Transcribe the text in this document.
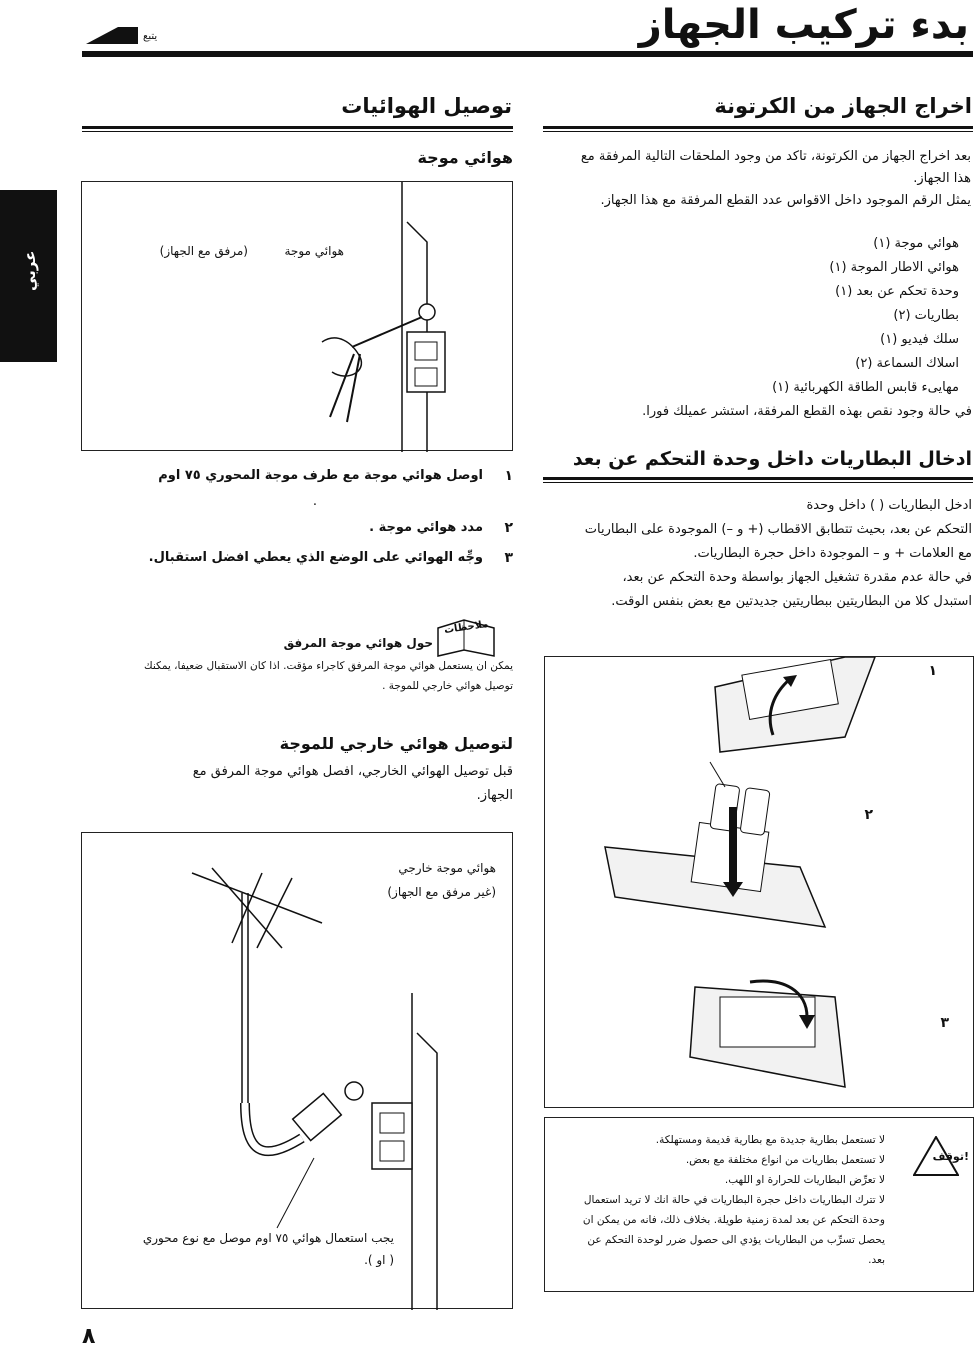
بدء تركيب الجهاز
يتبع
عربي
اخراج الجهاز من الكرتونة
بعد اخراج الجهاز من الكرتونة، تاكد من وجود الملحقات التالية المرفقة مع
هذا الجهاز.
يمثل الرقم الموجود داخل الاقواس عدد القطع المرفقة مع هذا الجهاز.
هوائي موجة (١)
هوائي الاطار الموجة (١)
وحدة تحكم عن بعد (١)
بطاريات (٢)
سلك فيديو (١)
اسلاك السماعة (٢)
مهايىء قابس الطاقة الكهربائية (١)
في حالة وجود نقص بهذه القطع المرفقة، استشر عميلك فورا.
ادخال البطاريات داخل وحدة التحكم عن بعد
ادخل البطاريات ( ) داخل وحدة
التحكم عن بعد، بحيث تتطابق الاقطاب (+ و –) الموجودة على البطاريات
مع العلامات + و – الموجودة داخل حجرة البطاريات.
في حالة عدم مقدرة تشغيل الجهاز بواسطة وحدة التحكم عن بعد،
استبدل كلا من البطاريتين ببطاريتين جديدتين مع بعض بنفس الوقت.
١
٢
٣
توقف!
لا تستعمل بطارية جديدة مع بطارية قديمة ومستهلكة.
لا تستعمل بطاريات من انواع مختلفة مع بعض.
لا تعرِّض البطاريات للحرارة او اللهب.
لا تترك البطاريات داخل حجرة البطاريات في حالة انك لا تريد استعمال
وحدة التحكم عن بعد لمدة زمنية طويلة. بخلاف ذلك، فانه من يمكن ان
يحصل تسرِّب من البطاريات يؤدي الى حصول ضرر لوحدة التحكم عن
بعد.
توصيل الهوائيات
هوائي موجة
هوائي موجة
(مرفق مع الجهاز)
١
اوصل هوائي موجة مع طرف موجة المحوري ٧٥ اوم
.
٢
مدد هوائي موجة .
٣
وجِّه الهوائي على الوضع الذي يعطي افضل استقبال.
ملاحظات
حول هوائي موجة المرفق
يمكن ان يستعمل هوائي موجة المرفق كاجراء مؤقت. اذا كان الاستقبال ضعيفا، يمكنك
توصيل هوائي خارجي للموجة .
لتوصيل هوائي خارجي للموجة
قبل توصيل الهوائي الخارجي، افصل هوائي موجة المرفق مع
الجهاز.
هوائي موجة خارجي
(غير مرفق مع الجهاز)
يجب استعمال هوائي ٧٥ اوم موصل مع نوع محوري
( او ).
٨
